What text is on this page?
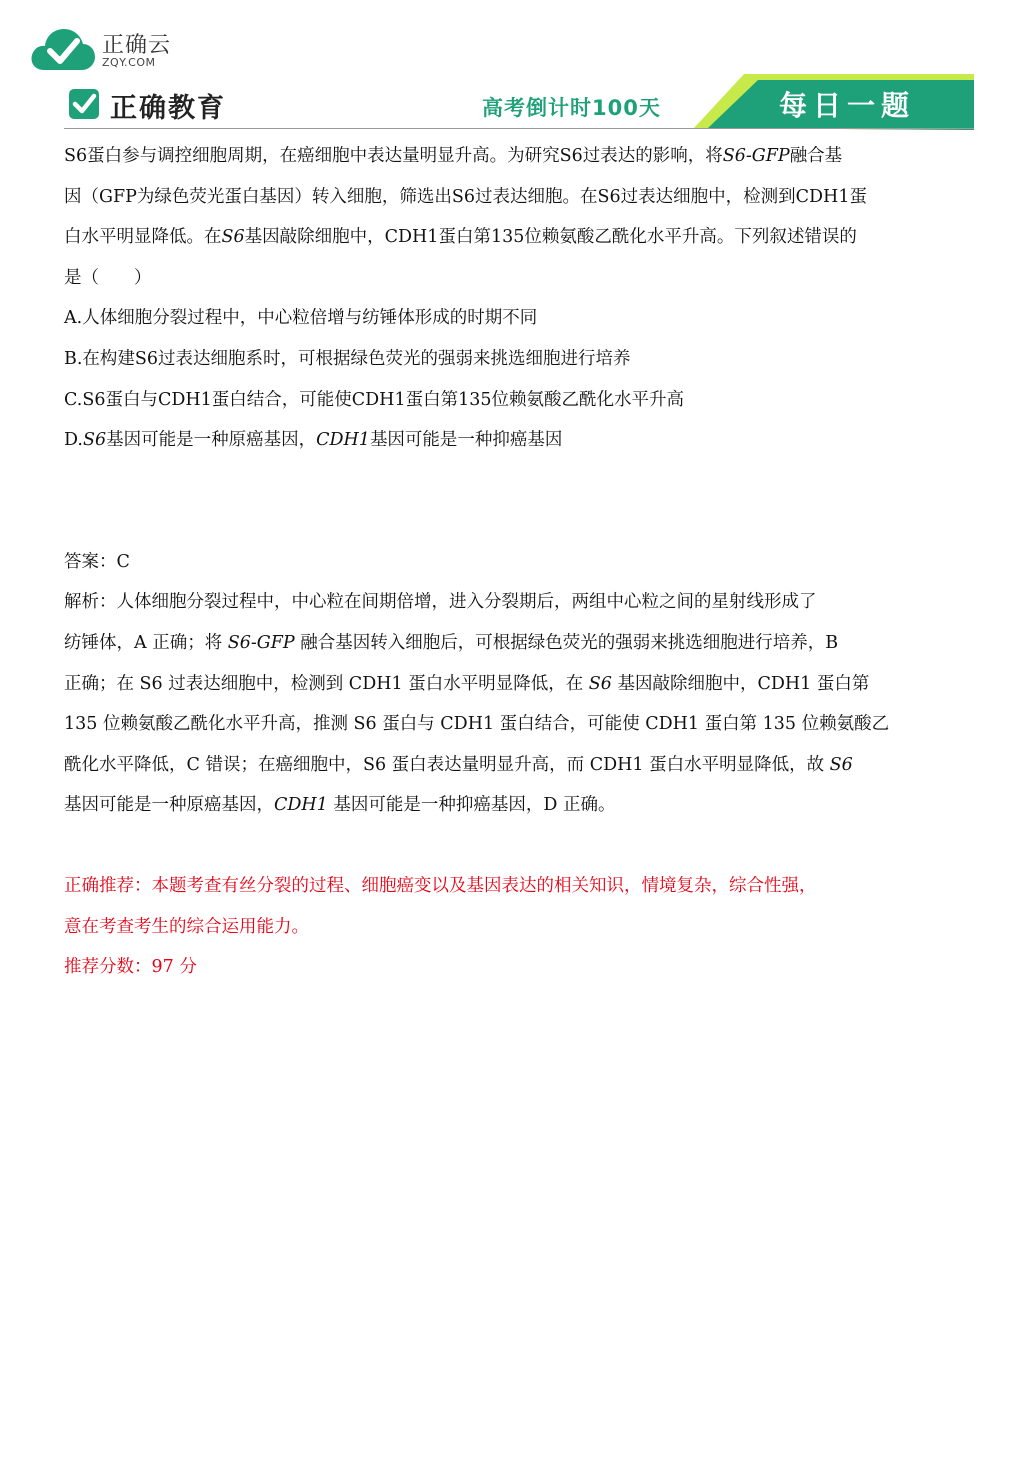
正确云
ZQY.COM
正确教育	高考倒计时100天	每日一题
S6蛋白参与调控细胞周期，在癌细胞中表达量明显升高。为研究S6过表达的影响，将S6-GFP融合基
因（GFP为绿色荧光蛋白基因）转入细胞，筛选出S6过表达细胞。在S6过表达细胞中，检测到CDH1蛋
白水平明显降低。在S6基因敲除细胞中，CDH1蛋白第135位赖氨酸乙酰化水平升高。下列叙述错误的
是（　　）
A.人体细胞分裂过程中，中心粒倍增与纺锤体形成的时期不同
B.在构建S6过表达细胞系时，可根据绿色荧光的强弱来挑选细胞进行培养
C.S6蛋白与CDH1蛋白结合，可能使CDH1蛋白第135位赖氨酸乙酰化水平升高
D.S6基因可能是一种原癌基因，CDH1基因可能是一种抑癌基因
答案：C
解析：人体细胞分裂过程中，中心粒在间期倍增，进入分裂期后，两组中心粒之间的星射线形成了
纺锤体，A 正确；将 S6-GFP 融合基因转入细胞后，可根据绿色荧光的强弱来挑选细胞进行培养，B
正确；在 S6 过表达细胞中，检测到 CDH1 蛋白水平明显降低，在 S6 基因敲除细胞中，CDH1 蛋白第
135 位赖氨酸乙酰化水平升高，推测 S6 蛋白与 CDH1 蛋白结合，可能使 CDH1 蛋白第 135 位赖氨酸乙
酰化水平降低，C 错误；在癌细胞中，S6 蛋白表达量明显升高，而 CDH1 蛋白水平明显降低，故 S6
基因可能是一种原癌基因，CDH1 基因可能是一种抑癌基因，D 正确。
正确推荐：本题考查有丝分裂的过程、细胞癌变以及基因表达的相关知识，情境复杂，综合性强，
意在考查考生的综合运用能力。
推荐分数：97 分
